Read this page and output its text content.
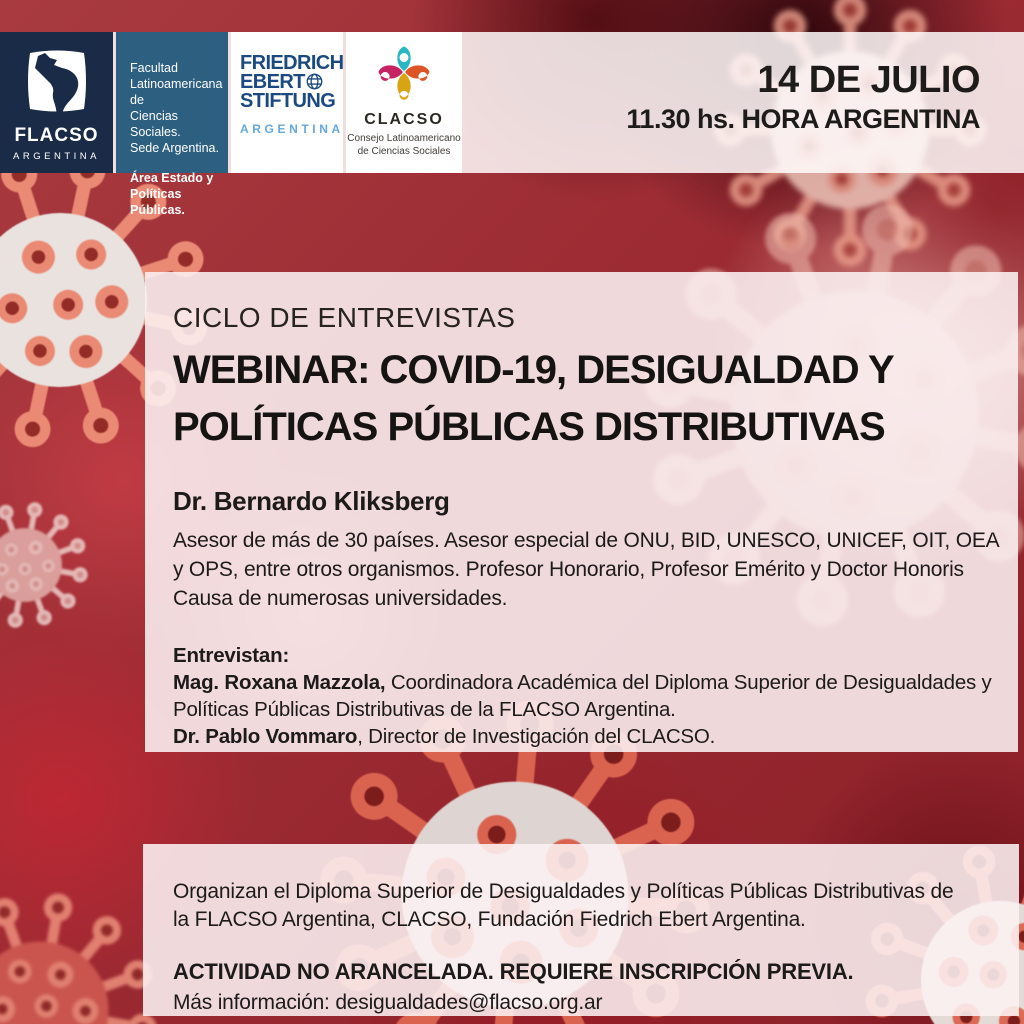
FLACSO
ARGENTINA
Facultad
Latinoamericana de
Ciencias Sociales.
Sede Argentina.
Área Estado y
Políticas Públicas.
FRIEDRICH
EBERT
STIFTUNG
ARGENTINA
CLACSO
Consejo Latinoamericano
de Ciencias Sociales
14 DE JULIO
11.30 hs. HORA ARGENTINA
CICLO DE ENTREVISTAS
WEBINAR: COVID-19, DESIGUALDAD Y
POLÍTICAS PÚBLICAS DISTRIBUTIVAS
Dr. Bernardo Kliksberg
Asesor de más de 30 países. Asesor especial de ONU, BID, UNESCO, UNICEF, OIT, OEA y OPS, entre otros organismos. Profesor Honorario, Profesor Emérito y Doctor Honoris Causa de numerosas universidades.
Entrevistan:
Mag. Roxana Mazzola, Coordinadora Académica del Diploma Superior de Desigualdades y Políticas Públicas Distributivas de la FLACSO Argentina.
Dr. Pablo Vommaro, Director de Investigación del CLACSO.
Organizan el Diploma Superior de Desigualdades y Políticas Públicas Distributivas de la FLACSO Argentina, CLACSO, Fundación Fiedrich Ebert Argentina.
ACTIVIDAD NO ARANCELADA. REQUIERE INSCRIPCIÓN PREVIA.
Más información: desigualdades@flacso.org.ar
